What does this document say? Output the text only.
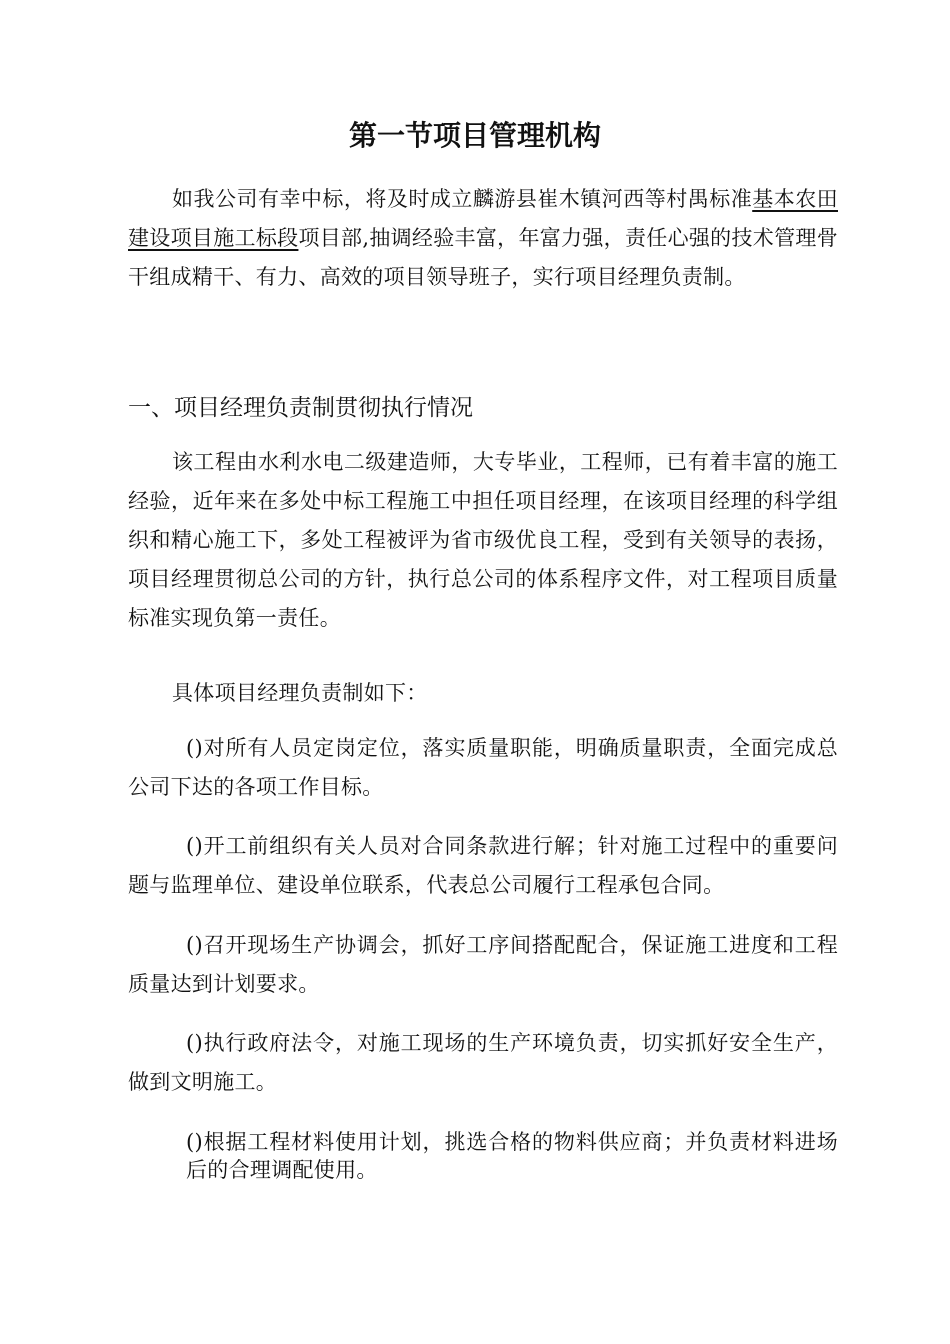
第一节项目管理机构

如我公司有幸中标，将及时成立麟游县崔木镇河西等村禺标准基本农田建设项目施工标段项目部,抽调经验丰富，年富力强，责任心强的技术管理骨干组成精干、有力、高效的项目领导班子，实行项目经理负责制。

一、项目经理负责制贯彻执行情况

该工程由水利水电二级建造师，大专毕业，工程师，已有着丰富的施工经验，近年来在多处中标工程施工中担任项目经理，在该项目经理的科学组织和精心施工下，多处工程被评为省市级优良工程，受到有关领导的表扬，项目经理贯彻总公司的方针，执行总公司的体系程序文件，对工程项目质量标准实现负第一责任。

具体项目经理负责制如下：

()对所有人员定岗定位，落实质量职能，明确质量职责，全面完成总公司下达的各项工作目标。

()开工前组织有关人员对合同条款进行解；针对施工过程中的重要问题与监理单位、建设单位联系，代表总公司履行工程承包合同。

()召开现场生产协调会，抓好工序间搭配配合，保证施工进度和工程质量达到计划要求。

()执行政府法令，对施工现场的生产环境负责，切实抓好安全生产，做到文明施工。

()根据工程材料使用计划，挑选合格的物料供应商；并负责材料进场后的合理调配使用。
